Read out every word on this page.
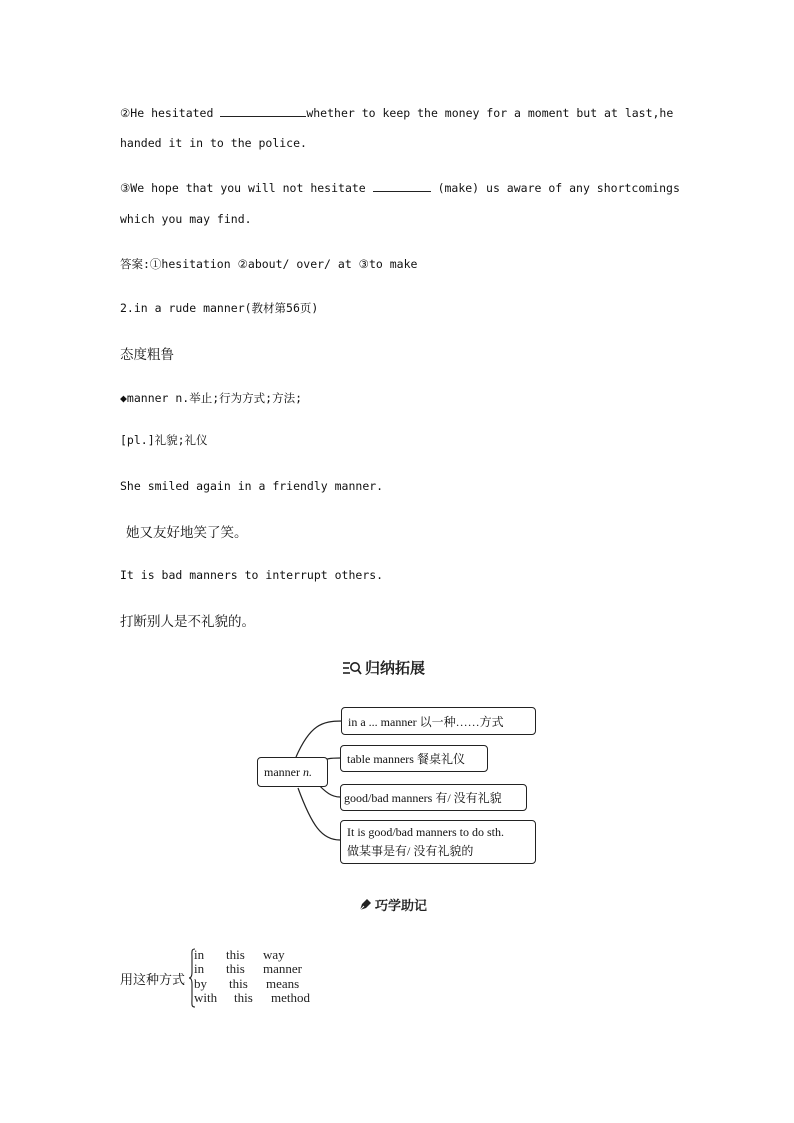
②He hesitated	whether to keep the money for a moment but at last,he
handed it in to the police.
③We hope that you will not hesitate	(make) us aware of any shortcomings
which you may find.
答案:①hesitation ②about/ over/ at ③to make
2.in a rude manner(教材第56页)
态度粗鲁
◆manner n.举止;行为方式;方法;
[pl.]礼貌;礼仪
She smiled again in a friendly manner.
她又友好地笑了笑。
It is bad manners to interrupt others.
打断别人是不礼貌的。
归纳拓展
manner
n.
in a ... manner 以一种……方式
table manners 餐桌礼仪
good/bad manners 有/ 没有礼貌
It is good/bad manners to do sth.
做某事是有/ 没有礼貌的
巧学助记
用这种方式
in this way
in this manner
by this means
with this method
